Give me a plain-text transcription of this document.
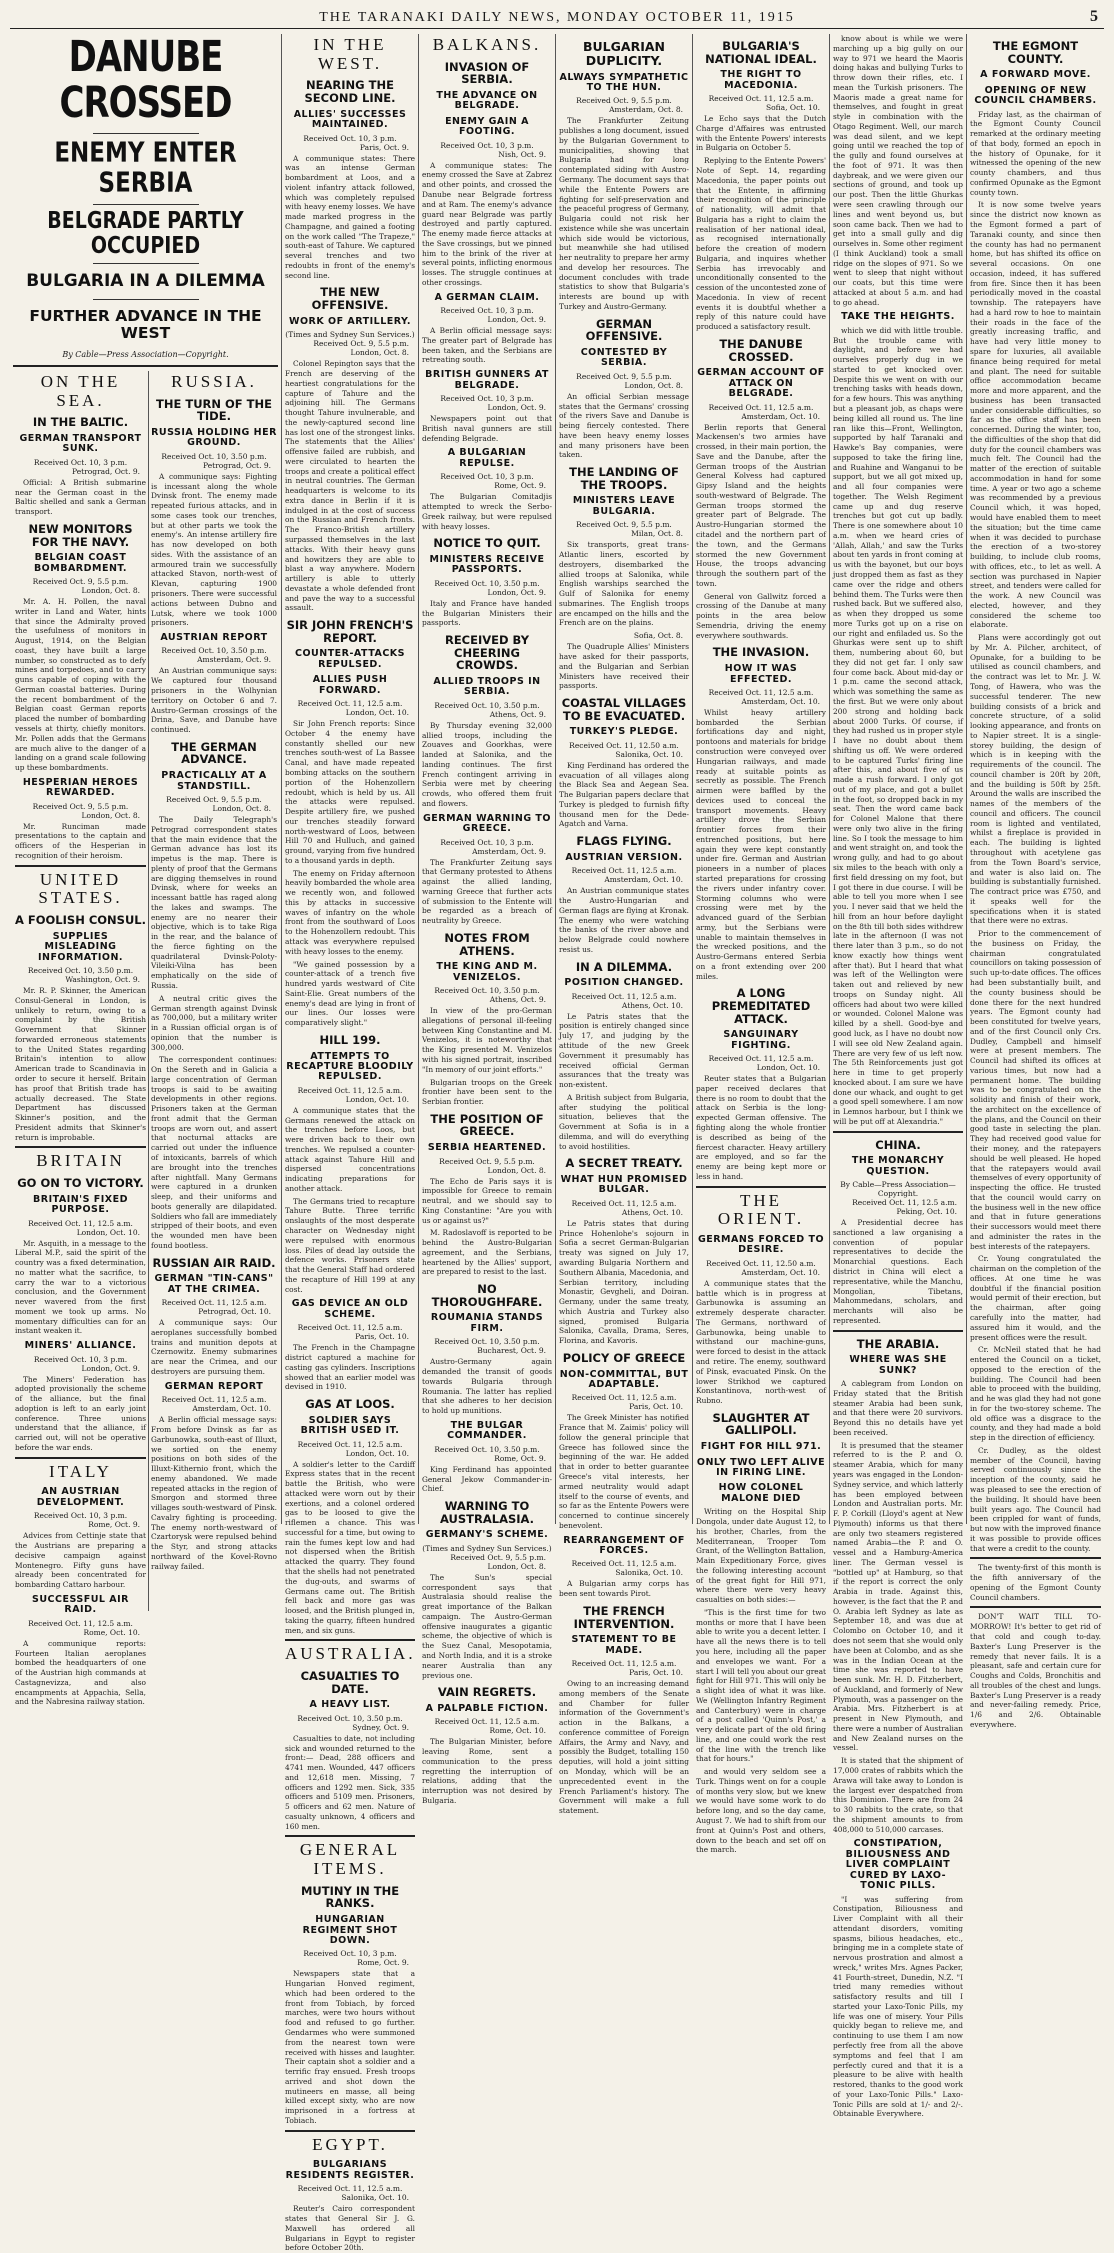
THE TARANAKI DAILY NEWS, MONDAY OCTOBER 11, 1915	5
DANUBE CROSSED
ENEMY ENTER SERBIA
BELGRADE PARTLY OCCUPIED
BULGARIA IN A DILEMMA
FURTHER ADVANCE IN THE WEST
By Cable—Press Association—Copyright.
ON THE SEA.
IN THE BALTIC.
GERMAN TRANSPORT SUNK.
Received Oct. 10, 3 p.m.
Petrograd, Oct. 9.

Official: A British submarine near the German coast in the Baltic shelled and sank a German transport.

NEW MONITORS FOR THE NAVY.
BELGIAN COAST BOMBARDMENT.
Received Oct. 9, 5.5 p.m.
London, Oct. 8.

Mr. A. H. Pollen, the naval writer in Land and Water, hints that since the Admiralty proved the usefulness of monitors in August, 1914, on the Belgian coast, they have built a large number, so constructed as to defy mines and torpedoes, and to carry guns capable of coping with the German coastal batteries. During the recent bombardment of the Belgian coast German reports placed the number of bombarding vessels at thirty, chiefly monitors. Mr. Pollen adds that the Germans are much alive to the danger of a landing on a grand scale following up these bombardments.

HESPERIAN HEROES REWARDED.
Received Oct. 9, 5.5 p.m.
London, Oct. 8.

Mr. Runciman made presentations to the captain and officers of the Hesperian in recognition of their heroism.

UNITED STATES.
A FOOLISH CONSUL.
SUPPLIES MISLEADING INFORMATION.
Received Oct. 10, 3.50 p.m.
Washington, Oct. 9.

Mr. R. P. Skinner, the American Consul-General in London, is unlikely to return, owing to a complaint by the British Government that Skinner forwarded erroneous statements to the United States regarding Britain's intention to allow American trade to Scandinavia in order to secure it herself. Britain has proof that British trade has actually decreased. The State Department has discussed Skinner's position, and the President admits that Skinner's return is improbable.

BRITAIN
GO ON TO VICTORY.
BRITAIN'S FIXED PURPOSE.
Received Oct. 11, 12.5 a.m.
London, Oct. 10.

Mr. Asquith, in a message to the Liberal M.P., said the spirit of the country was a fixed determination, no matter what the sacrifice, to carry the war to a victorious conclusion, and the Government never wavered from the first moment we took up arms. No momentary difficulties can for an instant weaken it.

MINERS' ALLIANCE.
Received Oct. 10, 3 p.m.
London, Oct. 9.

The Miners' Federation has adopted provisionally the scheme of the alliance, but the final adoption is left to an early joint conference. Three unions understand that the alliance, if carried out, will not be operative before the war ends.

ITALY
AN AUSTRIAN DEVELOPMENT.
Received Oct. 10, 3 p.m.
Rome, Oct. 9.

Advices from Cettinje state that the Austrians are preparing a decisive campaign against Montenegro. Fifty guns have already been concentrated for bombarding Cattaro harbour.

SUCCESSFUL AIR RAID.
Received Oct. 11, 12.5 a.m.
Rome, Oct. 10.

A communique reports: Fourteen Italian aeroplanes bombed the headquarters of one of the Austrian high commands at Castagnevizza, and also encampments at Appachia, Sella, and the Nabresina railway station.

RUSSIA.
THE TURN OF THE TIDE.
RUSSIA HOLDING HER GROUND.
Received Oct. 10, 3.50 p.m.
Petrograd, Oct. 9.

A communique says: Fighting is incessant along the whole Dvinsk front. The enemy made repeated furious attacks, and in some cases took our trenches, but at other parts we took the enemy's. An intense artillery fire has now developed on both sides. With the assistance of an armoured train we successfully attacked Stavon, north-west of Klevan, capturing 1900 prisoners. There were successful actions between Dubno and Lutsk, where we took 1000 prisoners.

AUSTRIAN REPORT
Received Oct. 10, 3.50 p.m.
Amsterdam, Oct. 9.

An Austrian communique says: We captured four thousand prisoners in the Wolhynian territory on October 6 and 7. Austro-German crossings of the Drina, Save, and Danube have continued.

THE GERMAN ADVANCE.
PRACTICALLY AT A STANDSTILL.
Received Oct. 9, 5.5 p.m.
London, Oct. 8.

The Daily Telegraph's Petrograd correspondent states that the main evidence that the German advance has lost its impetus is the map. There is plenty of proof that the Germans are digging themselves in round Dvinsk, where for weeks an incessant battle has raged along the lakes and swamps. The enemy are no nearer their objective, which is to take Riga in the rear, and the balance of the fierce fighting on the quadrilateral Dvinsk-Poloty-Vileiki-Vilna has been emphatically on the side of Russia.

A neutral critic gives the German strength against Dvinsk as 700,000, but a military writer in a Russian official organ is of opinion that the number is 300,000.

The correspondent continues: On the Sereth and in Galicia a large concentration of German troops is said to be awaiting developments in other regions. Prisoners taken at the German front admit that the German troops are worn out, and assert that nocturnal attacks are carried out under the influence of intoxicants, barrels of which are brought into the trenches after nightfall. Many Germans were captured in a drunken sleep, and their uniforms and boots generally are dilapidated. Soldiers who fall are immediately stripped of their boots, and even the wounded men have been found bootless.

RUSSIAN AIR RAID.
GERMAN "TIN-CANS" AT THE CRIMEA.
Received Oct. 11, 12.5 a.m.
Petrograd, Oct. 10.

A communique says: Our aeroplanes successfully bombed trains and munition depots at Czernowitz. Enemy submarines are near the Crimea, and our destroyers are pursuing them.

GERMAN REPORT
Received Oct. 11, 12.5 a.m.
Amsterdam, Oct. 10.

A Berlin official message says: From before Dvinsk as far as Garbunowka, south-east of Illuxt, we sortied on the enemy positions on both sides of the Illuxt-Kithernio front, which the enemy abandoned. We made repeated attacks in the region of Smorgon and stormed three villages south-westward of Pinsk. Cavalry fighting is proceeding. The enemy north-westward of Czartorysk were repulsed behind the Styr, and strong attacks northward of the Kovel-Rovno railway failed.

IN THE WEST.
NEARING THE SECOND LINE.
ALLIES' SUCCESSES MAINTAINED.
Received Oct. 10, 3 p.m.
Paris, Oct. 9.

A communique states: There was an intense German bombardment at Loos, and a violent infantry attack followed, which was completely repulsed with heavy enemy losses. We have made marked progress in the Champagne, and gained a footing on the work called "The Trapeze," south-east of Tahure. We captured several trenches and two redoubts in front of the enemy's second line.

THE NEW OFFENSIVE.
WORK OF ARTILLERY.
(Times and Sydney Sun Services.)
Received Oct. 9, 5.5 p.m. London, Oct. 8.

Colonel Repington says that the French are deserving of the heartiest congratulations for the capture of Tahure and the adjoining hill. The Germans thought Tahure invulnerable, and the newly-captured second line has lost one of the strongest links. The statements that the Allies' offensive failed are rubbish, and were circulated to hearten the troops and create a political effect in neutral countries. The German headquarters is welcome to its extra dance in Berlin if it is indulged in at the cost of success on the Russian and French fronts. The Franco-British artillery surpassed themselves in the last attacks. With their heavy guns and howitzers they are able to blast a way anywhere. Modern artillery is able to utterly devastate a whole defended front and pave the way to a successful assault.

SIR JOHN FRENCH'S REPORT.
COUNTER-ATTACKS REPULSED.
ALLIES PUSH FORWARD.
Received Oct. 11, 12.5 a.m.
London, Oct. 10.

Sir John French reports: Since October 4 the enemy have constantly shelled our new trenches south-west of La Bassee Canal, and have made repeated bombing attacks on the southern portion of the Hohenzollern redoubt, which is held by us. All the attacks were repulsed. Despite artillery fire, we pushed our trenches steadily forward north-westward of Loos, between Hill 70 and Hulluch, and gained ground, varying from five hundred to a thousand yards in depth.

The enemy on Friday afternoon heavily bombarded the whole area we recently won, and followed this by attacks in successive waves of infantry on the whole front from the southward of Loos to the Hohenzollern redoubt. This attack was everywhere repulsed with heavy losses to the enemy.

"We gained possession by a counter-attack of a trench five hundred yards westward of Cite Saint-Elie. Great numbers of the enemy's dead are lying in front of our lines. Our losses were comparatively slight."

HILL 199.
ATTEMPTS TO RECAPTURE BLOODILY REPULSED.
Received Oct. 11, 12.5 a.m.
London, Oct. 10.

A communique states that the Germans renewed the attack on the trenches before Loos, but were driven back to their own trenches. We repulsed a counter-attack against Tahure Hill and dispersed concentrations indicating preparations for another attack.

The Germans tried to recapture Tahure Butte. Three terrific onslaughts of the most desperate character on Wednesday night were repulsed with enormous loss. Piles of dead lay outside the defence works. Prisoners state that the General Staff had ordered the recapture of Hill 199 at any cost.

GAS DEVICE AN OLD SCHEME.
Received Oct. 11, 12.5 a.m.
Paris, Oct. 10.

The French in the Champagne district captured a machine for casting gas cylinders. Inscriptions showed that an earlier model was devised in 1910.

GAS AT LOOS.
SOLDIER SAYS BRITISH USED IT.
Received Oct. 11, 12.5 a.m.
London, Oct. 10.

A soldier's letter to the Cardiff Express states that in the recent battle the British, who were attacked were worn out by their exertions, and a colonel ordered gas to be loosed to give the riflemen a chance. This was successful for a time, but owing to rain the fumes kept low and had not dispersed when the British attacked the quarry. They found that the shells had not penetrated the dug-outs, and swarms of Germans came out. The British fell back and more gas was loosed, and the British plunged in, taking the quarry, fifteen hundred men, and six guns.

AUSTRALIA.
CASUALTIES TO DATE.
A HEAVY LIST.
Received Oct. 10, 3.50 p.m.
Sydney, Oct. 9.

Casualties to date, not including sick and wounded returned to the front:— Dead, 288 officers and 4741 men. Wounded, 447 officers and 12,618 men. Missing, 7 officers and 1292 men. Sick, 335 officers and 5109 men. Prisoners, 5 officers and 62 men. Nature of casualty unknown, 4 officers and 160 men.

GENERAL ITEMS.
MUTINY IN THE RANKS.
HUNGARIAN REGIMENT SHOT DOWN.
Received Oct. 10, 3 p.m.
Rome, Oct. 9.

Newspapers state that a Hungarian Honved regiment, which had been ordered to the front from Tobiach, by forced marches, were two hours without food and refused to go further. Gendarmes who were summoned from the nearest town were received with hisses and laughter. Their captain shot a soldier and a terrific fray ensued. Fresh troops arrived and shot down the mutineers en masse, all being killed except sixty, who are now imprisoned in a fortress at Tobiach.

EGYPT.
BULGARIANS RESIDENTS REGISTER.
Received Oct. 11, 12.5 a.m.
Salonika, Oct. 10.

Reuter's Cairo correspondent states that General Sir J. G. Maxwell has ordered all Bulgarians in Egypt to register before October 20th.

BALKANS.
INVASION OF SERBIA.
THE ADVANCE ON BELGRADE.
ENEMY GAIN A FOOTING.
Received Oct. 10, 3 p.m.
Nish, Oct. 9.

A communique states: The enemy crossed the Save at Zabrez and other points, and crossed the Danube near Belgrade fortress and at Ram. The enemy's advance guard near Belgrade was partly destroyed and partly captured. The enemy made fierce attacks at the Save crossings, but we pinned him to the brink of the river at several points, inflicting enormous losses. The struggle continues at other crossings.

A GERMAN CLAIM.
Received Oct. 10, 3 p.m.
London, Oct. 9.

A Berlin official message says: The greater part of Belgrade has been taken, and the Serbians are retreating south.

BRITISH GUNNERS AT BELGRADE.
Received Oct. 10, 3 p.m.
London, Oct. 9.

Newspapers point out that British naval gunners are still defending Belgrade.

A BULGARIAN REPULSE.
Received Oct. 10, 3 p.m.
Rome, Oct. 9.

The Bulgarian Comitadjis attempted to wreck the Serbo-Greek railway, but were repulsed with heavy losses.

NOTICE TO QUIT.
MINISTERS RECEIVE PASSPORTS.
Received Oct. 10, 3.50 p.m.
London, Oct. 9.

Italy and France have handed the Bulgarian Ministers their passports.

RECEIVED BY CHEERING CROWDS.
ALLIED TROOPS IN SERBIA.
Received Oct. 10, 3.50 p.m.
Athens, Oct. 9.

By Thursday evening 32,000 allied troops, including the Zouaves and Goorkhas, were landed at Salonika, and the landing continues. The first French contingent arriving in Serbia were met by cheering crowds, who offered them fruit and flowers.

GERMAN WARNING TO GREECE.
Received Oct. 10, 3 p.m.
Amsterdam, Oct. 9.

The Frankfurter Zeitung says that Germany protested to Athens against the allied landing, warning Greece that further acts of submission to the Entente will be regarded as a breach of neutrality by Greece.

NOTES FROM ATHENS.
THE KING AND M. VENIZELOS.
Received Oct. 10, 3.50 p.m.
Athens, Oct. 9.

In view of the pro-German allegations of personal ill-feeling between King Constantine and M. Venizelos, it is noteworthy that the King presented M. Venizelos with his signed portrait, inscribed "In memory of our joint efforts."

Bulgarian troops on the Greek frontier have been sent to the Serbian frontier.

THE POSITION OF GREECE.
SERBIA HEARTENED.
Received Oct. 9, 5.5 p.m.
London, Oct. 8.

The Echo de Paris says it is impossible for Greece to remain neutral, and we should say to King Constantine: "Are you with us or against us?"

M. Radoslavoff is reported to be behind the Austro-Bulgarian agreement, and the Serbians, heartened by the Allies' support, are prepared to resist to the last.

NO THOROUGHFARE.
ROUMANIA STANDS FIRM.
Received Oct. 10, 3.50 p.m.
Bucharest, Oct. 9.

Austro-Germany again demanded the transit of goods towards Bulgaria through Roumania. The latter has replied that she adheres to her decision to hold up munitions.

THE BULGAR COMMANDER.
Received Oct. 10, 3.50 p.m.
Rome, Oct. 9.

King Ferdinand has appointed General Jekow Commander-in-Chief.

WARNING TO AUSTRALASIA.
GERMANY'S SCHEME.
(Times and Sydney Sun Services.)
Received Oct. 9, 5.5 p.m. London, Oct. 8.

The Sun's special correspondent says that Australasia should realise the great importance of the Balkan campaign. The Austro-German offensive inaugurates a gigantic scheme, the objective of which is the Suez Canal, Mesopotamia, and North India, and it is a stroke nearer Australia than any previous one.

VAIN REGRETS.
A PALPABLE FICTION.
Received Oct. 11, 12.5 a.m.
Rome, Oct. 10.

The Bulgarian Minister, before leaving Rome, sent a communication to the press regretting the interruption of relations, adding that the interruption was not desired by Bulgaria.

BULGARIAN DUPLICITY.
ALWAYS SYMPATHETIC TO THE HUN.
Received Oct. 9, 5.5 p.m.
Amsterdam, Oct. 8.

The Frankfurter Zeitung publishes a long document, issued by the Bulgarian Government to municipalities, showing that Bulgaria had for long contemplated siding with Austro-Germany. The document says that while the Entente Powers are fighting for self-preservation and the peaceful progress of Germany, Bulgaria could not risk her existence while she was uncertain which side would be victorious, but meanwhile she had utilised her neutrality to prepare her army and develop her resources. The document concludes with trade statistics to show that Bulgaria's interests are bound up with Turkey and Austro-Germany.

GERMAN OFFENSIVE.
CONTESTED BY SERBIA.
Received Oct. 9, 5.5 p.m.
London, Oct. 8.

An official Serbian message states that the Germans' crossing of the rivers Save and Danube is being fiercely contested. There have been heavy enemy losses and many prisoners have been taken.

THE LANDING OF THE TROOPS.
MINISTERS LEAVE BULGARIA.
Received Oct. 9, 5.5 p.m.
Milan, Oct. 8.

Six transports, great trans-Atlantic liners, escorted by destroyers, disembarked the allied troops at Salonika, while English warships searched the Gulf of Salonika for enemy submarines. The English troops are encamped on the hills and the French are on the plains.

Sofia, Oct. 8.

The Quadruple Allies' Ministers have asked for their passports, and the Bulgarian and Serbian Ministers have received their passports.

COASTAL VILLAGES TO BE EVACUATED.
TURKEY'S PLEDGE.
Received Oct. 11, 12.50 a.m.
Salonika, Oct. 10.

King Ferdinand has ordered the evacuation of all villages along the Black Sea and Aegean Sea. The Bulgarian papers declare that Turkey is pledged to furnish fifty thousand men for the Dede-Agatch and Varna.

FLAGS FLYING.
AUSTRIAN VERSION.
Received Oct. 11, 12.5 a.m.
Amsterdam, Oct. 10.

An Austrian communique states the Austro-Hungarian and German flags are flying at Kronak. The enemy who were watching the banks of the river above and below Belgrade could nowhere resist us.

IN A DILEMMA.
POSITION CHANGED.
Received Oct. 11, 12.5 a.m.
Athens, Oct. 10.

Le Patris states that the position is entirely changed since July 17, and judging by the attitude of the new Greek Government it presumably has received official German assurances that the treaty was non-existent.

A British subject from Bulgaria, after studying the political situation, believes that the Government at Sofia is in a dilemma, and will do everything to avoid hostilities.

A SECRET TREATY.
WHAT HUN PROMISED BULGAR.
Received Oct. 11, 12.5 a.m.
Athens, Oct. 10.

Le Patris states that during Prince Hohenlohe's sojourn in Sofia a secret German-Bulgarian treaty was signed on July 17, awarding Bulgaria Northern and Southern Albania, Macedonia, and Serbian territory, including Monastir, Gevgheli, and Doiran. Germany, under the same treaty, which Austria and Turkey also signed, promised Bulgaria Salonika, Cavalla, Drama, Seres, Florina, and Kavoris.

POLICY OF GREECE
NON-COMMITTAL, BUT ADAPTABLE.
Received Oct. 11, 12.5 a.m.
Paris, Oct. 10.

The Greek Minister has notified France that M. Zaimis' policy will follow the general principle that Greece has followed since the beginning of the war. He added that in order to better guarantee Greece's vital interests, her armed neutrality would adapt itself to the course of events, and so far as the Entente Powers were concerned to continue sincerely benevolent.

REARRANGEMENT OF FORCES.
Received Oct. 11, 12.5 a.m.
Salonika, Oct. 10.

A Bulgarian army corps has been sent towards Pirot.

THE FRENCH INTERVENTION.
STATEMENT TO BE MADE.
Received Oct. 11, 12.5 a.m.
Paris, Oct. 10.

Owing to an increasing demand among members of the Senate and Chamber for fuller information of the Government's action in the Balkans, a conference committee of Foreign Affairs, the Army and Navy, and possibly the Budget, totalling 150 deputies, will hold a joint sitting on Monday, which will be an unprecedented event in the French Parliament's history. The Government will make a full statement.

BULGARIA'S NATIONAL IDEAL.
THE RIGHT TO MACEDONIA.
Received Oct. 11, 12.5 a.m.
Sofia, Oct. 10.

Le Echo says that the Dutch Charge d'Affaires was entrusted with the Entente Powers' interests in Bulgaria on October 5.

Replying to the Entente Powers' Note of Sept. 14, regarding Macedonia, the paper points out that the Entente, in affirming their recognition of the principle of nationality, will admit that Bulgaria has a right to claim the realisation of her national ideal, as recognised internationally before the creation of modern Bulgaria, and inquires whether Serbia has irrevocably and unconditionally consented to the cession of the uncontested zone of Macedonia. In view of recent events it is doubtful whether a reply of this nature could have produced a satisfactory result.

THE DANUBE CROSSED.
GERMAN ACCOUNT OF ATTACK ON BELGRADE.
Received Oct. 11, 12.5 a.m.
Amsterdam, Oct. 10.

Berlin reports that General Mackensen's two armies have crossed, in their main portion, the Save and the Danube, after the German troops of the Austrian General Kolvess had captured Gipsy Island and the heights south-westward of Belgrade. The German troops stormed the greater part of Belgrade. The Austro-Hungarian stormed the citadel and the northern part of the town, and the Germans stormed the new Government House, the troops advancing through the southern part of the town.

General von Gallwitz forced a crossing of the Danube at many points in the area below Semendria, driving the enemy everywhere southwards.

THE INVASION.
HOW IT WAS EFFECTED.
Received Oct. 11, 12.5 a.m.
Amsterdam, Oct. 10.

Whilst heavy artillery bombarded the Serbian fortifications day and night, pontoons and materials for bridge construction were conveyed over Hungarian railways, and made ready at suitable points as secretly as possible. The French airmen were baffled by the devices used to conceal the transport movements. Heavy artillery drove the Serbian frontier forces from their entrenched positions, but here again they were kept constantly under fire. German and Austrian pioneers in a number of places started preparations for crossing the rivers under infantry cover. Storming columns who were crossing were met by the advanced guard of the Serbian army, but the Serbians were unable to maintain themselves in the wrecked positions, and the Austro-Germans entered Serbia on a front extending over 200 miles.

A LONG PREMEDITATED ATTACK.
SANGUINARY FIGHTING.
Received Oct. 11, 12.5 a.m.
London, Oct. 10.

Reuter states that a Bulgarian paper received declares that there is no room to doubt that the attack on Serbia is the long-expected German offensive. The fighting along the whole frontier is described as being of the fiercest character. Heavy artillery are employed, and so far the enemy are being kept more or less in hand.

THE ORIENT.
GERMANS FORCED TO DESIRE.
Received Oct. 11, 12.50 a.m.
Amsterdam, Oct. 10.

A communique states that the battle which is in progress at Garbunowka is assuming an extremely desperate character. The Germans, northward of Garbunowka, being unable to withstand our machine-guns, were forced to desist in the attack and retire. The enemy, southward of Pinsk, evacuated Pinsk. On the lower Strikhod we captured Konstantinova, north-west of Rubno.

SLAUGHTER AT GALLIPOLI.
FIGHT FOR HILL 971.
ONLY TWO LEFT ALIVE IN FIRING LINE.
HOW COLONEL MALONE DIED

Writing on the Hospital Ship Dongola, under date August 12, to his brother, Charles, from the Mediterranean, Trooper Tom Grant, of the Wellington Battalion, Main Expeditionary Force, gives the following interesting account of the great fight for Hill 971, where there were very heavy casualties on both sides:—

"This is the first time for two months or more that I have been able to write you a decent letter. I have all the news there is to tell you here, including all the paper and envelopes we want. For a start I will tell you about our great fight for Hill 971. This will only be a slight idea of what it was like. We (Wellington Infantry Regiment and Canterbury) were in charge of a post called 'Quinn's Post,' a very delicate part of the old firing line, and one could work the rest of the line with the trench like that for hours."

and would very seldom see a Turk. Things went on for a couple of months very slow, but we knew we would have some work to do before long, and so the day came, August 7. We had to shift from our front at Quinn's Post and others, down to the beach and set off on the march.

know about is while we were marching up a big gully on our way to 971 we heard the Maoris doing hakas and bullying Turks to throw down their rifles, etc. I mean the Turkish prisoners. The Maoris made a great name for themselves, and fought in great style in combination with the Otago Regiment. Well, our march was dead silent, and we kept going until we reached the top of the gully and found ourselves at the foot of 971. It was then daybreak, and we were given our sections of ground, and took up our post. Then the little Ghurkas were seen crawling through our lines and went beyond us, but soon came back. Then we had to get into a small gully and dig ourselves in. Some other regiment (I think Auckland) took a small ridge on the slopes of 971. So we went to sleep that night without our coats, but this time were attacked at about 5 a.m. and had to go ahead.

TAKE THE HEIGHTS.

which we did with little trouble. But the trouble came with daylight, and before we had ourselves properly dug in we started to get knocked over. Despite this we went on with our trenching tasks with heads down, for a few hours. This was anything but a pleasant job, as chaps were being killed all round us. The line ran like this—Front, Wellington, supported by half Taranaki and Hawke's Bay companies, were supposed to take the firing line, and Ruahine and Wanganui to be support, but we all got mixed up, and all four companies were together. The Welsh Regiment came up and dug reserve trenches but got cut up badly. There is one somewhere about 10 a.m. when we heard cries of 'Allah, Allah,' and saw the Turks about ten yards in front coming at us with the bayonet, but our boys just dropped them as fast as they came over the ridge and others behind them. The Turks were then rushed back. But we suffered also, as when they dropped us some more Turks got up on a rise on our right and enfiladed us. So the Ghurkas were sent up to shift them, numbering about 60, but they did not get far. I only saw four come back. About mid-day or 1 p.m. came the second attack, which was something the same as the first. But we were only about 200 strong and holding back about 2000 Turks. Of course, if they had rushed us in proper style I have no doubt about them shifting us off. We were ordered to be captured Turks' firing line after this, and about five of us made a rush forward. I only got out of my place, and got a bullet in the foot, so dropped back in my seat. Then the word came back for Colonel Malone that there were only two alive in the firing line. So I took the message to him and went straight on, and took the wrong gully, and had to go about six miles to the beach with only a first field dressing on my foot, but I got there in due course. I will be able to tell you more when I see you. I never said that we held the hill from an hour before daylight on the 8th till both sides withdrew late in the afternoon (I was not there later than 3 p.m., so do not know exactly how things went after that). But I heard that what was left of the Wellington were taken out and relieved by new troops on Sunday night. All officers had about two were killed or wounded. Colonel Malone was killed by a shell. Good-bye and good luck, as I have no doubt now I will see old New Zealand again. There are very few of us left now. The 5th Reinforcements just got here in time to get properly knocked about. I am sure we have done our whack, and ought to get a good spell somewhere. I am now in Lemnos harbour, but I think we will be put off at Alexandria."

CHINA.
THE MONARCHY QUESTION.
By Cable—Press Association—Copyright.
Received Oct. 11, 12.5 a.m. Peking, Oct. 10.

A Presidential decree has sanctioned a law organising a convention of popular representatives to decide the Monarchial questions. Each district in China will elect a representative, while the Manchu, Mongolian, Tibetans, Mahommedans, scholars, and merchants will also be represented.

THE ARABIA.
WHERE WAS SHE SUNK?

A cablegram from London on Friday stated that the British steamer Arabia had been sunk, and that there were 20 survivors. Beyond this no details have yet been received.

It is presumed that the steamer referred to is the P. and O. steamer Arabia, which for many years was engaged in the London-Sydney service, and which latterly has been employed between London and Australian ports. Mr. F. P. Corkill (Lloyd's agent at New Plymouth) informs us that there are only two steamers registered named Arabia—the P. and O. vessel and a Hamburg-America liner. The German vessel is "bottled up" at Hamburg, so that if the report is correct the only Arabia in trade. Against this, however, is the fact that the P. and O. Arabia left Sydney as late as September 18, and was due at Colombo on October 10, and it does not seem that she would only have been at Colombo, and as she was in the Indian Ocean at the time she was reported to have been sunk. Mr. H. D. Fitzherbert, of Auckland, and formerly of New Plymouth, was a passenger on the Arabia. Mrs. Fitzherbert is at present in New Plymouth, and there were a number of Australian and New Zealand nurses on the vessel.

It is stated that the shipment of 17,000 crates of rabbits which the Arawa will take away to London is the largest ever despatched from this Dominion. There are from 24 to 30 rabbits to the crate, so that the shipment amounts to from 408,000 to 510,000 carcases.

CONSTIPATION, BILIOUSNESS AND LIVER COMPLAINT CURED BY LAXO-TONIC PILLS.

"I was suffering from Constipation, Biliousness and Liver Complaint with all their attendant disorders, vomiting spasms, bilious headaches, etc., bringing me in a complete state of nervous prostration and almost a wreck," writes Mrs. Agnes Packer, 41 Fourth-street, Dunedin, N.Z. "I tried many remedies without satisfactory results and till I started your Laxo-Tonic Pills, my life was one of misery. Your Pills quickly began to relieve me, and continuing to use them I am now perfectly free from all the above symptoms and feel that I am perfectly cured and that it is a pleasure to be alive with health restored, thanks to the good work of your Laxo-Tonic Pills." Laxo-Tonic Pills are sold at 1/- and 2/-. Obtainable Everywhere.

THE EGMONT COUNTY.
A FORWARD MOVE.
OPENING OF NEW COUNCIL CHAMBERS.

Friday last, as the chairman of the Egmont County Council remarked at the ordinary meeting of that body, formed an epoch in the history of Opunake, for it witnessed the opening of the new county chambers, and thus confirmed Opunake as the Egmont county town.

It is now some twelve years since the district now known as the Egmont formed a part of Taranaki county, and since then the county has had no permanent home, but has shifted its office on several occasions. On one occasion, indeed, it has suffered from fire. Since then it has been periodically moved in the coastal township. The ratepayers have had a hard row to hoe to maintain their roads in the face of the greatly increasing traffic, and have had very little money to spare for luxuries, all available finance being required for metal and plant. The need for suitable office accommodation became more and more apparent, and the business has been transacted under considerable difficulties, so far as the office staff has been concerned. During the winter, too, the difficulties of the shop that did duty for the council chambers was much felt. The Council had the matter of the erection of suitable accommodation in hand for some time. A year or two ago a scheme was recommended by a previous Council which, it was hoped, would have enabled them to meet the situation; but the time came when it was decided to purchase the erection of a two-storey building, to include club rooms, with offices, etc., to let as well. A section was purchased in Napier street, and tenders were called for the work. A new Council was elected, however, and they considered the scheme too elaborate.

Plans were accordingly got out by Mr. A. Pilcher, architect, of Opunake, for a building to be utilised as council chambers, and the contract was let to Mr. J. W. Tong, of Hawera, who was the successful tenderer. The new building consists of a brick and concrete structure, of a solid looking appearance, and fronts on to Napier street. It is a single-storey building, the design of which is in keeping with the requirements of the council. The council chamber is 20ft by 20ft, and the building is 50ft by 25ft. Around the walls are inscribed the names of the members of the council and officers. The council room is lighted and ventilated, whilst a fireplace is provided in each. The building is lighted throughout with acetylene gas from the Town Board's service, and water is also laid on. The building is substantially furnished. The contract price was £750, and it speaks well for the specifications when it is stated that there were no extras.

Prior to the commencement of the business on Friday, the chairman congratulated councillors on taking possession of such up-to-date offices. The offices had been substantially built, and the county business should be done there for the next hundred years. The Egmont county had been constituted for twelve years, and of the first Council only Crs. Dudley, Campbell and himself were at present members. The Council had shifted its offices at various times, but now had a permanent home. The building was to be congratulated on the solidity and finish of their work, the architect on the excellence of the plans, and the Council on their good taste in selecting the plan. They had received good value for their money, and the ratepayers should be well pleased. He hoped that the ratepayers would avail themselves of every opportunity of inspecting the office. He trusted that the council would carry on the business well in the new office and that in future generations their successors would meet there and administer the rates in the best interests of the ratepayers.

Cr. Young congratulated the chairman on the completion of the offices. At one time he was doubtful if the financial position would permit of their erection, but the chairman, after going carefully into the matter, had assured him it would, and the present offices were the result.

Cr. McNeil stated that he had entered the Council on a ticket, opposed to the erection of the building. The Council had been able to proceed with the building, and he was glad they had not gone in for the two-storey scheme. The old office was a disgrace to the county, and they had made a bold step in the direction of efficiency.

Cr. Dudley, as the oldest member of the Council, having served continuously since the inception of the county, said he was pleased to see the erection of the building. It should have been built years ago. The Council had been crippled for want of funds, but now with the improved finance it was possible to provide offices that were a credit to the county.

The twenty-first of this month is the fifth anniversary of the opening of the Egmont County Council chambers.

DON'T WAIT TILL TO-MORROW! It's better to get rid of that cold and cough to-day. Baxter's Lung Preserver is the remedy that never fails. It is a pleasant, safe and certain cure for Coughs and Colds, Bronchitis and all troubles of the chest and lungs. Baxter's Lung Preserver is a ready and never-failing remedy. Price, 1/6 and 2/6. Obtainable everywhere.
